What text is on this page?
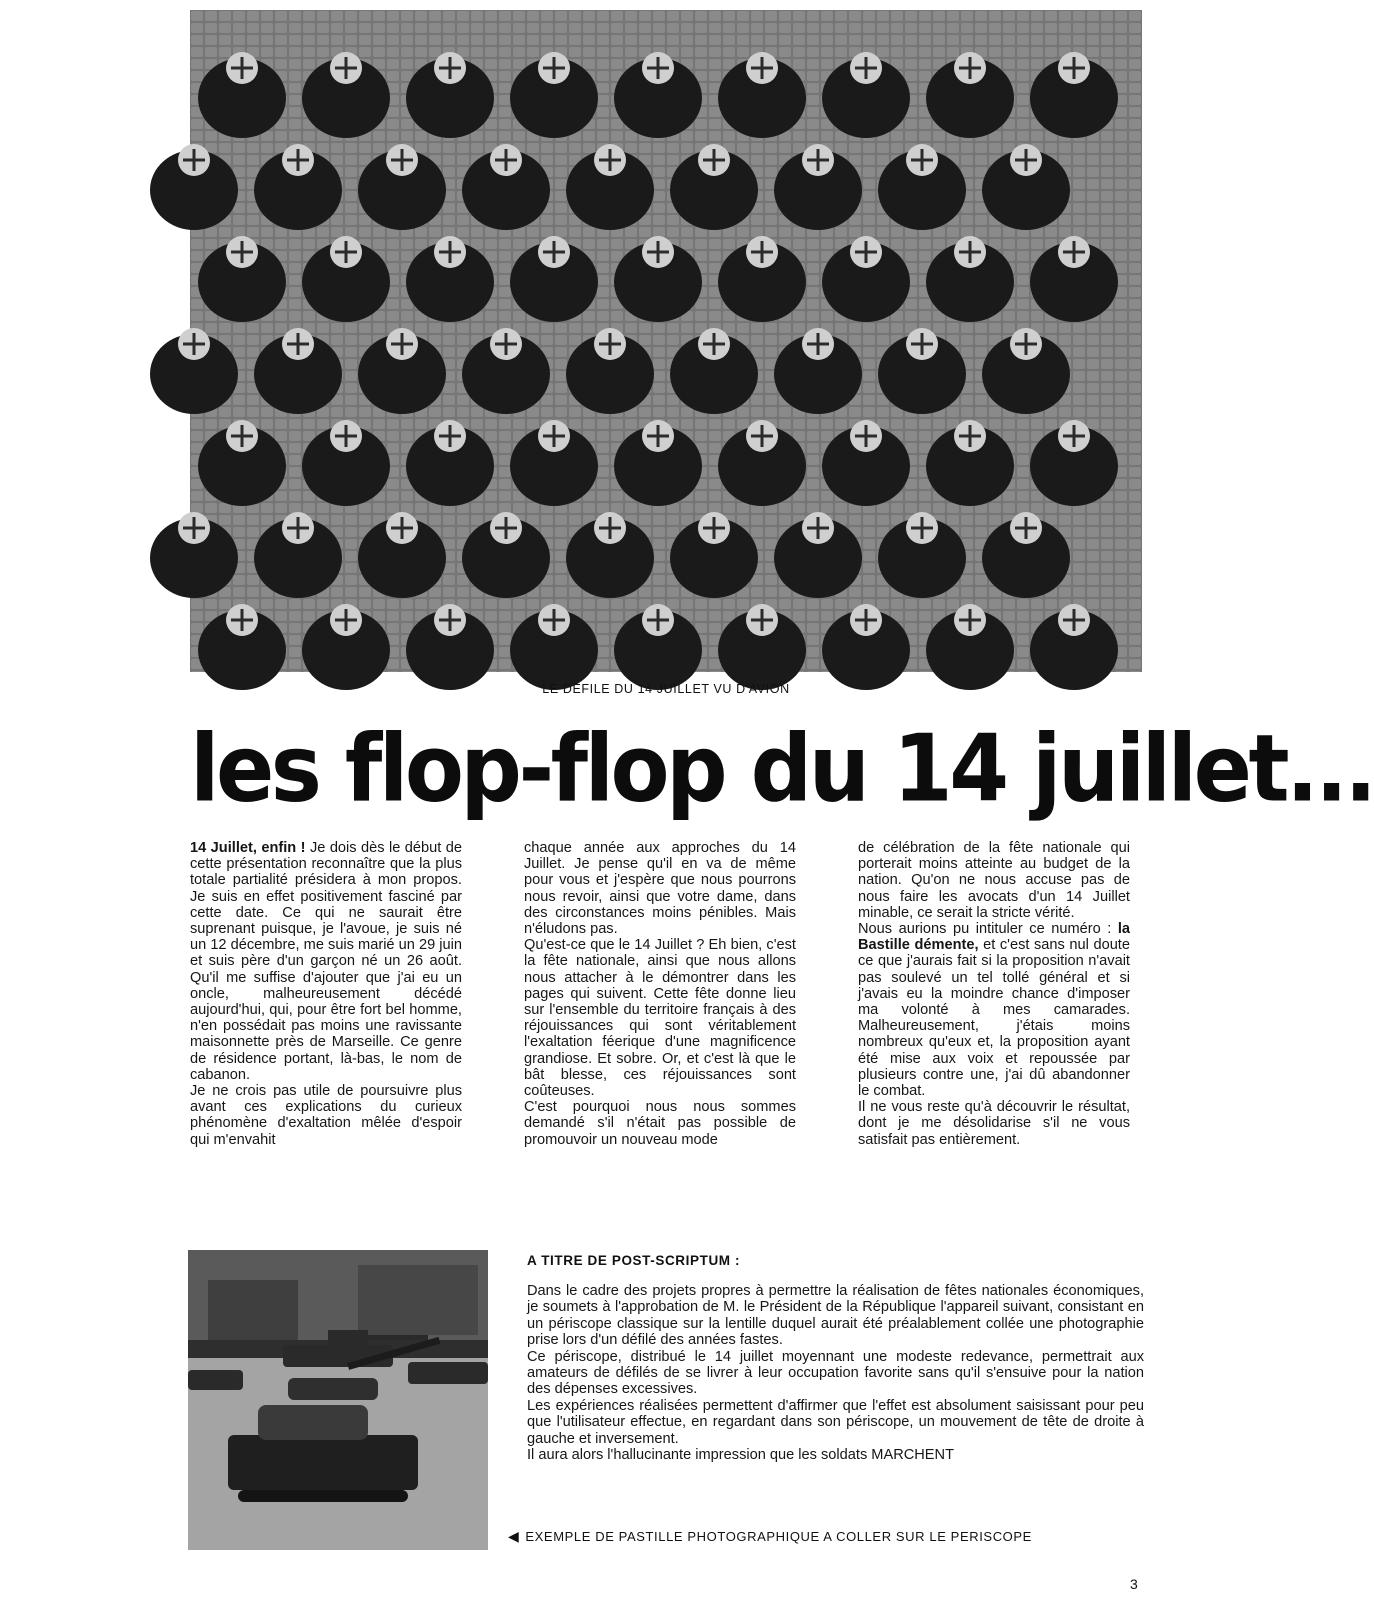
LE DEFILE DU 14 JUILLET VU D'AVION
les flop-flop du 14 juillet...

14 Juillet, enfin ! Je dois dès le début de cette présentation reconnaître que la plus totale partialité présidera à mon propos. Je suis en effet positivement fasciné par cette date. Ce qui ne saurait être suprenant puisque, je l'avoue, je suis né un 12 décembre, me suis marié un 29 juin et suis père d'un garçon né un 26 août. Qu'il me suffise d'ajouter que j'ai eu un oncle, malheureusement décédé aujourd'hui, qui, pour être fort bel homme, n'en possédait pas moins une ravissante maisonnette près de Marseille. Ce genre de résidence portant, là-bas, le nom de cabanon.

Je ne crois pas utile de poursuivre plus avant ces explications du curieux phénomène d'exaltation mêlée d'espoir qui m'envahit

chaque année aux approches du 14 Juillet. Je pense qu'il en va de même pour vous et j'espère que nous pourrons nous revoir, ainsi que votre dame, dans des circonstances moins pénibles. Mais n'éludons pas.

Qu'est-ce que le 14 Juillet ? Eh bien, c'est la fête nationale, ainsi que nous allons nous attacher à le démontrer dans les pages qui suivent. Cette fête donne lieu sur l'ensemble du territoire français à des réjouissances qui sont véritablement l'exaltation féerique d'une magnificence grandiose. Et sobre. Or, et c'est là que le bât blesse, ces réjouissances sont coûteuses.

C'est pourquoi nous nous sommes demandé s'il n'était pas possible de promouvoir un nouveau mode

de célébration de la fête nationale qui porterait moins atteinte au budget de la nation. Qu'on ne nous accuse pas de nous faire les avocats d'un 14 Juillet minable, ce serait la stricte vérité.

Nous aurions pu intituler ce numéro : la Bastille démente, et c'est sans nul doute ce que j'aurais fait si la proposition n'avait pas soulevé un tel tollé général et si j'avais eu la moindre chance d'imposer ma volonté à mes camarades. Malheureusement, j'étais moins nombreux qu'eux et, la proposition ayant été mise aux voix et repoussée par plusieurs contre une, j'ai dû abandonner le combat.

Il ne vous reste qu'à découvrir le résultat, dont je me désolidarise s'il ne vous satisfait pas entièrement.

A TITRE DE POST-SCRIPTUM :

Dans le cadre des projets propres à permettre la réalisation de fêtes nationales économiques, je soumets à l'approbation de M. le Président de la République l'appareil suivant, consistant en un périscope classique sur la lentille duquel aurait été préalablement collée une photographie prise lors d'un défilé des années fastes.

Ce périscope, distribué le 14 juillet moyennant une modeste redevance, permettrait aux amateurs de défilés de se livrer à leur occupation favorite sans qu'il s'ensuive pour la nation des dépenses excessives.

Les expériences réalisées permettent d'affirmer que l'effet est absolument saisissant pour peu que l'utilisateur effectue, en regardant dans son périscope, un mouvement de tête de droite à gauche et inversement.

Il aura alors l'hallucinante impression que les soldats MARCHENT

◀ EXEMPLE DE PASTILLE PHOTOGRAPHIQUE A COLLER SUR LE PERISCOPE
3
